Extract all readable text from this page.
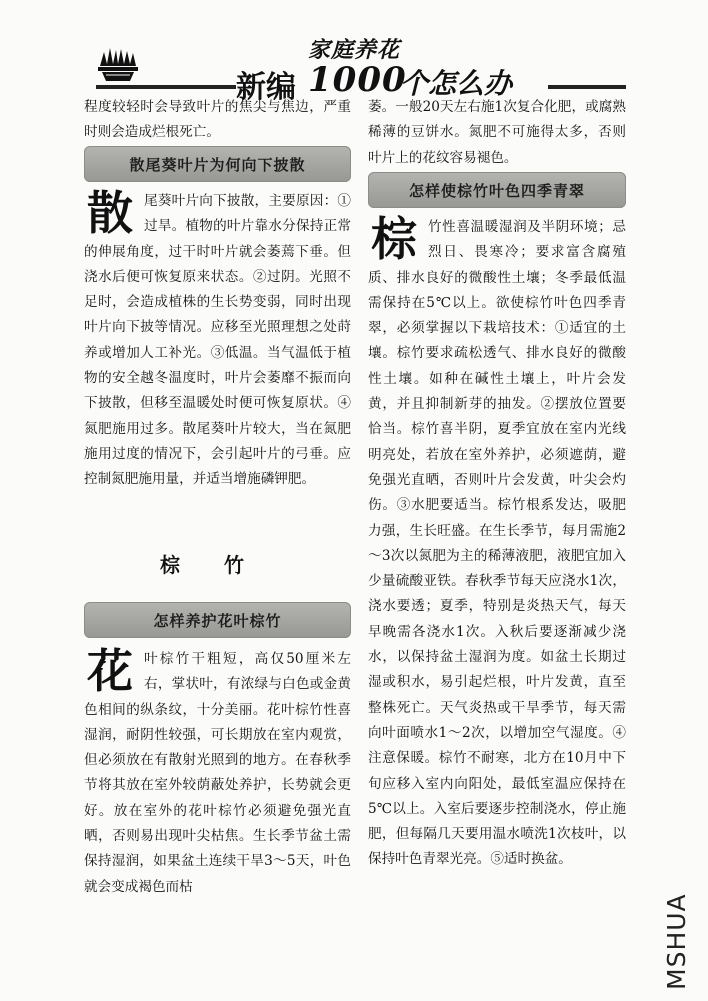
家庭养花
新编 1000
个怎么办

程度较轻时会导致叶片的焦尖与焦边，严重时则会造成烂根死亡。

散尾葵叶片为何向下披散
散 尾葵叶片向下披散，主要原因：①过旱。植物的叶片靠水分保持正常的伸展角度，过干时叶片就会萎蔫下垂。但浇水后便可恢复原来状态。②过阴。光照不足时，会造成植株的生长势变弱，同时出现叶片向下披等情况。应移至光照理想之处莳养或增加人工补光。③低温。当气温低于植物的安全越冬温度时，叶片会萎靡不振而向下披散，但移至温暖处时便可恢复原状。④氮肥施用过多。散尾葵叶片较大，当在氮肥施用过度的情况下，会引起叶片的弓垂。应控制氮肥施用量，并适当增施磷钾肥。
棕竹
怎样养护花叶棕竹
花 叶棕竹干粗短，高仅50厘米左右，掌状叶，有浓绿与白色或金黄色相间的纵条纹，十分美丽。花叶棕竹性喜湿润，耐阴性较强，可长期放在室内观赏，但必须放在有散射光照到的地方。在春秋季节将其放在室外较荫蔽处养护，长势就会更好。放在室外的花叶棕竹必须避免强光直晒，否则易出现叶尖枯焦。生长季节盆土需保持湿润，如果盆土连续干旱3～5天，叶色就会变成褐色而枯

萎。一般20天左右施1次复合化肥，或腐熟稀薄的豆饼水。氮肥不可施得太多，否则叶片上的花纹容易褪色。

怎样使棕竹叶色四季青翠
棕 竹性喜温暖湿润及半阴环境；忌烈日、畏寒冷；要求富含腐殖质、排水良好的微酸性土壤；冬季最低温需保持在5℃以上。欲使棕竹叶色四季青翠，必须掌握以下栽培技术：①适宜的土壤。棕竹要求疏松透气、排水良好的微酸性土壤。如种在碱性土壤上，叶片会发黄，并且抑制新芽的抽发。②摆放位置要恰当。棕竹喜半阴，夏季宜放在室内光线明亮处，若放在室外养护，必须遮荫，避免强光直晒，否则叶片会发黄，叶尖会灼伤。③水肥要适当。棕竹根系发达，吸肥力强，生长旺盛。在生长季节，每月需施2～3次以氮肥为主的稀薄液肥，液肥宜加入少量硫酸亚铁。春秋季节每天应浇水1次，浇水要透；夏季，特别是炎热天气，每天早晚需各浇水1次。入秋后要逐渐减少浇水，以保持盆土湿润为度。如盆土长期过湿或积水，易引起烂根，叶片发黄，直至整株死亡。天气炎热或干旱季节，每天需向叶面喷水1～2次，以增加空气湿度。④注意保暖。棕竹不耐寒，北方在10月中下旬应移入室内向阳处，最低室温应保持在5℃以上。入室后要逐步控制浇水，停止施肥，但每隔几天要用温水喷洗1次枝叶，以保持叶色青翠光亮。⑤适时换盆。
MSHUA
